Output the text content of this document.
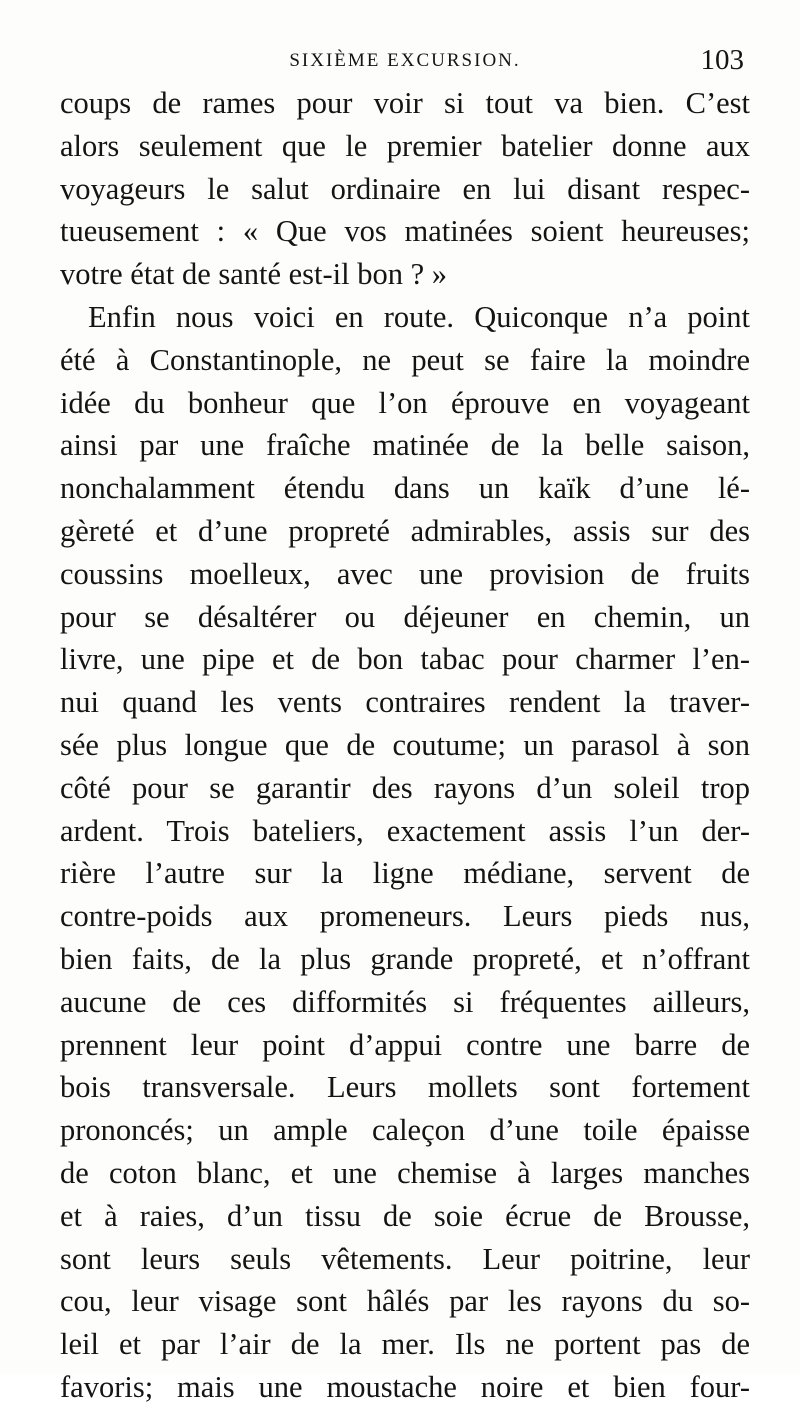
SIXIÈME EXCURSION.	103
coups de rames pour voir si tout va bien. C’est
alors seulement que le premier batelier donne aux
voyageurs le salut ordinaire en lui disant respec-
tueusement : « Que vos matinées soient heureuses;
votre état de santé est-il bon ? »
Enfin nous voici en route. Quiconque n’a point
été à Constantinople, ne peut se faire la moindre
idée du bonheur que l’on éprouve en voyageant
ainsi par une fraîche matinée de la belle saison,
nonchalamment étendu dans un kaïk d’une lé-
gèreté et d’une propreté admirables, assis sur des
coussins moelleux, avec une provision de fruits
pour se désaltérer ou déjeuner en chemin, un
livre, une pipe et de bon tabac pour charmer l’en-
nui quand les vents contraires rendent la traver-
sée plus longue que de coutume; un parasol à son
côté pour se garantir des rayons d’un soleil trop
ardent. Trois bateliers, exactement assis l’un der-
rière l’autre sur la ligne médiane, servent de
contre-poids aux promeneurs. Leurs pieds nus,
bien faits, de la plus grande propreté, et n’offrant
aucune de ces difformités si fréquentes ailleurs,
prennent leur point d’appui contre une barre de
bois transversale. Leurs mollets sont fortement
prononcés; un ample caleçon d’une toile épaisse
de coton blanc, et une chemise à larges manches
et à raies, d’un tissu de soie écrue de Brousse,
sont leurs seuls vêtements. Leur poitrine, leur
cou, leur visage sont hâlés par les rayons du so-
leil et par l’air de la mer. Ils ne portent pas de
favoris; mais une moustache noire et bien four-
